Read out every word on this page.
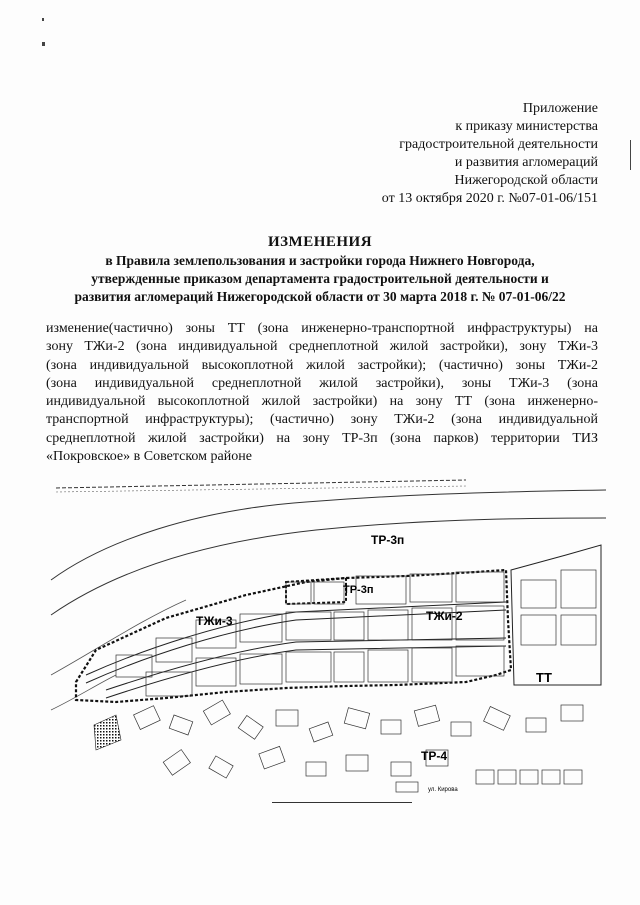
Приложение
к приказу министерства
градостроительной деятельности
и развития агломераций
Нижегородской области
от 13 октября 2020 г. №07-01-06/151
ИЗМЕНЕНИЯ
в Правила землепользования и застройки города Нижнего Новгорода,
утвержденные приказом департамента градостроительной деятельности и
развития агломераций Нижегородской области от 30 марта 2018 г. № 07-01-06/22
изменение(частично) зоны ТТ (зона инженерно-транспортной инфраструктуры) на
зону ТЖи-2 (зона индивидуальной среднеплотной жилой застройки), зону ТЖи-3
(зона индивидуальной высокоплотной жилой застройки); (частично) зоны ТЖи-2
(зона индивидуальной среднеплотной жилой застройки), зоны ТЖи-3 (зона
индивидуальной высокоплотной жилой застройки) на зону ТТ (зона инженерно-
транспортной инфраструктуры); (частично) зону ТЖи-2 (зона индивидуальной
среднеплотной жилой застройки) на зону ТР-3п (зона парков) территории ТИЗ
«Покровское» в Советском районе
ТР-3п
ТР-3п
ТЖи-3	ТЖи-2
ТТ
ТР-4
ул. Кирова
